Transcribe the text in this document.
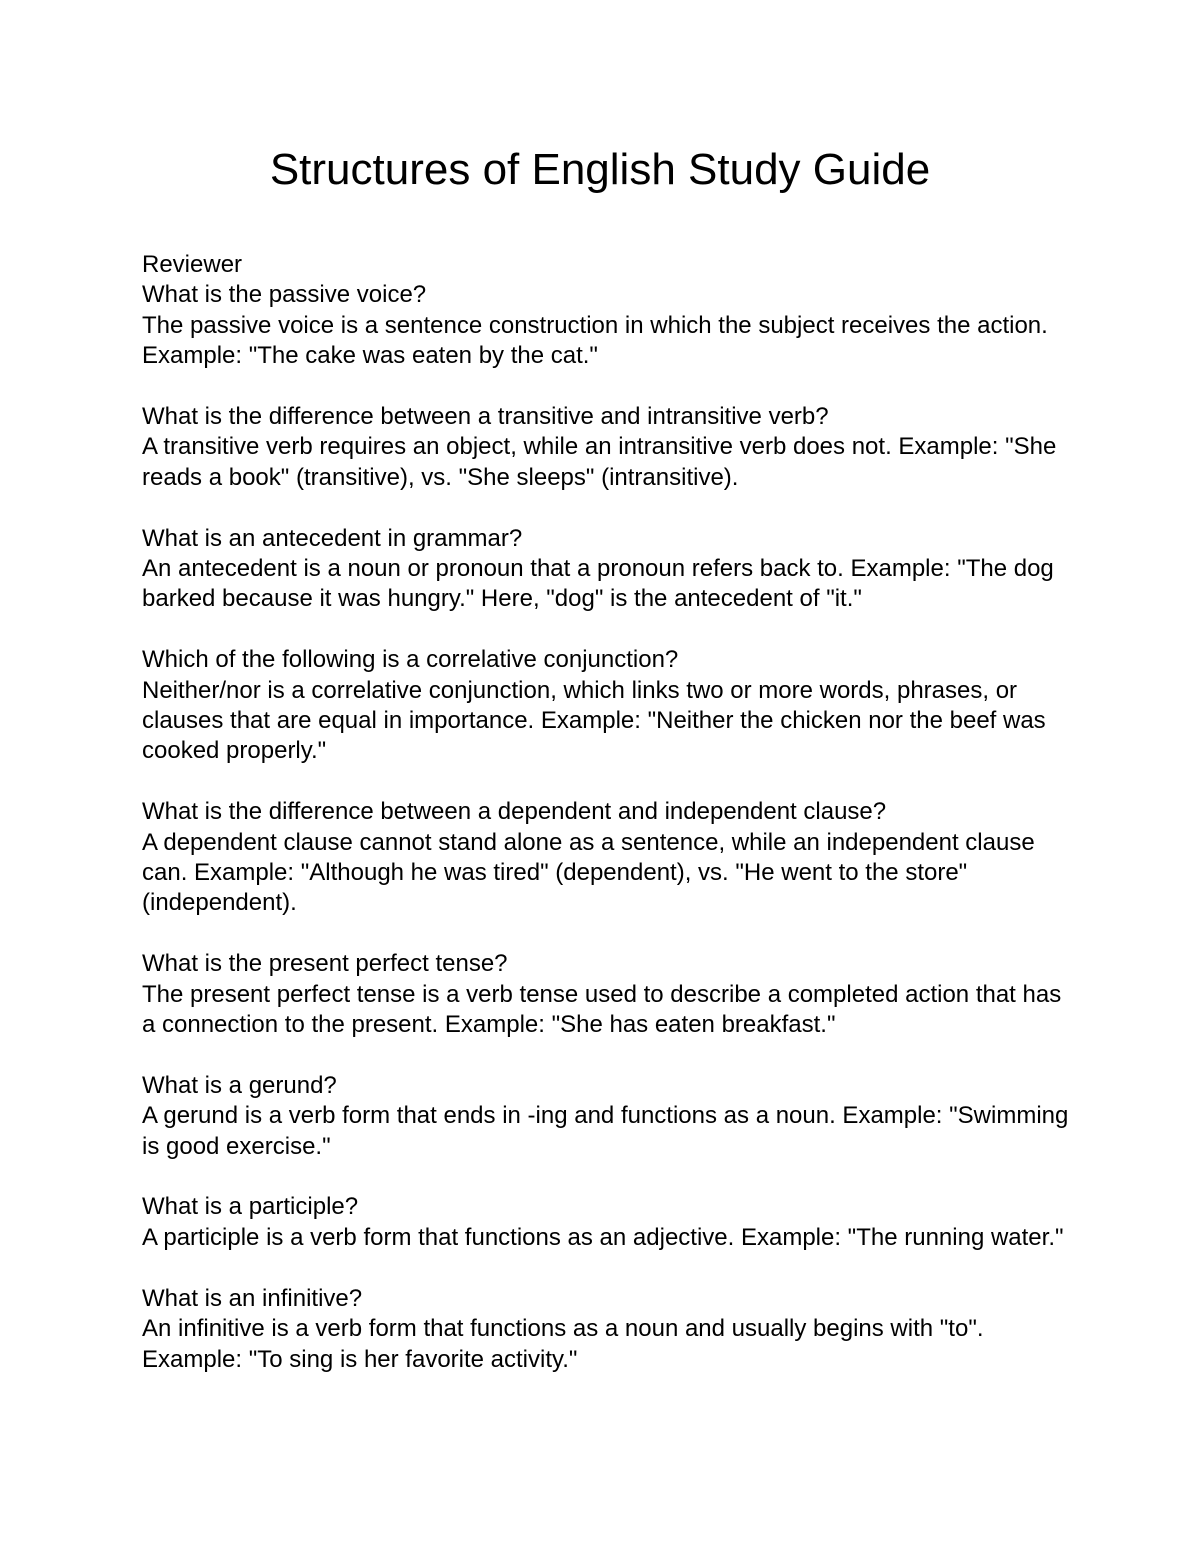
Structures of English Study Guide

Reviewer

What is the passive voice?

The passive voice is a sentence construction in which the subject receives the action. Example: "The cake was eaten by the cat."

What is the difference between a transitive and intransitive verb?

A transitive verb requires an object, while an intransitive verb does not. Example: "She reads a book" (transitive), vs. "She sleeps" (intransitive).

What is an antecedent in grammar?

An antecedent is a noun or pronoun that a pronoun refers back to. Example: "The dog barked because it was hungry." Here, "dog" is the antecedent of "it."

Which of the following is a correlative conjunction?

Neither/nor is a correlative conjunction, which links two or more words, phrases, or clauses that are equal in importance. Example: "Neither the chicken nor the beef was cooked properly."

What is the difference between a dependent and independent clause?

A dependent clause cannot stand alone as a sentence, while an independent clause can. Example: "Although he was tired" (dependent), vs. "He went to the store" (independent).

What is the present perfect tense?

The present perfect tense is a verb tense used to describe a completed action that has a connection to the present. Example: "She has eaten breakfast."

What is a gerund?

A gerund is a verb form that ends in -ing and functions as a noun. Example: "Swimming is good exercise."

What is a participle?

A participle is a verb form that functions as an adjective. Example: "The running water."

What is an infinitive?

An infinitive is a verb form that functions as a noun and usually begins with "to". Example: "To sing is her favorite activity."
